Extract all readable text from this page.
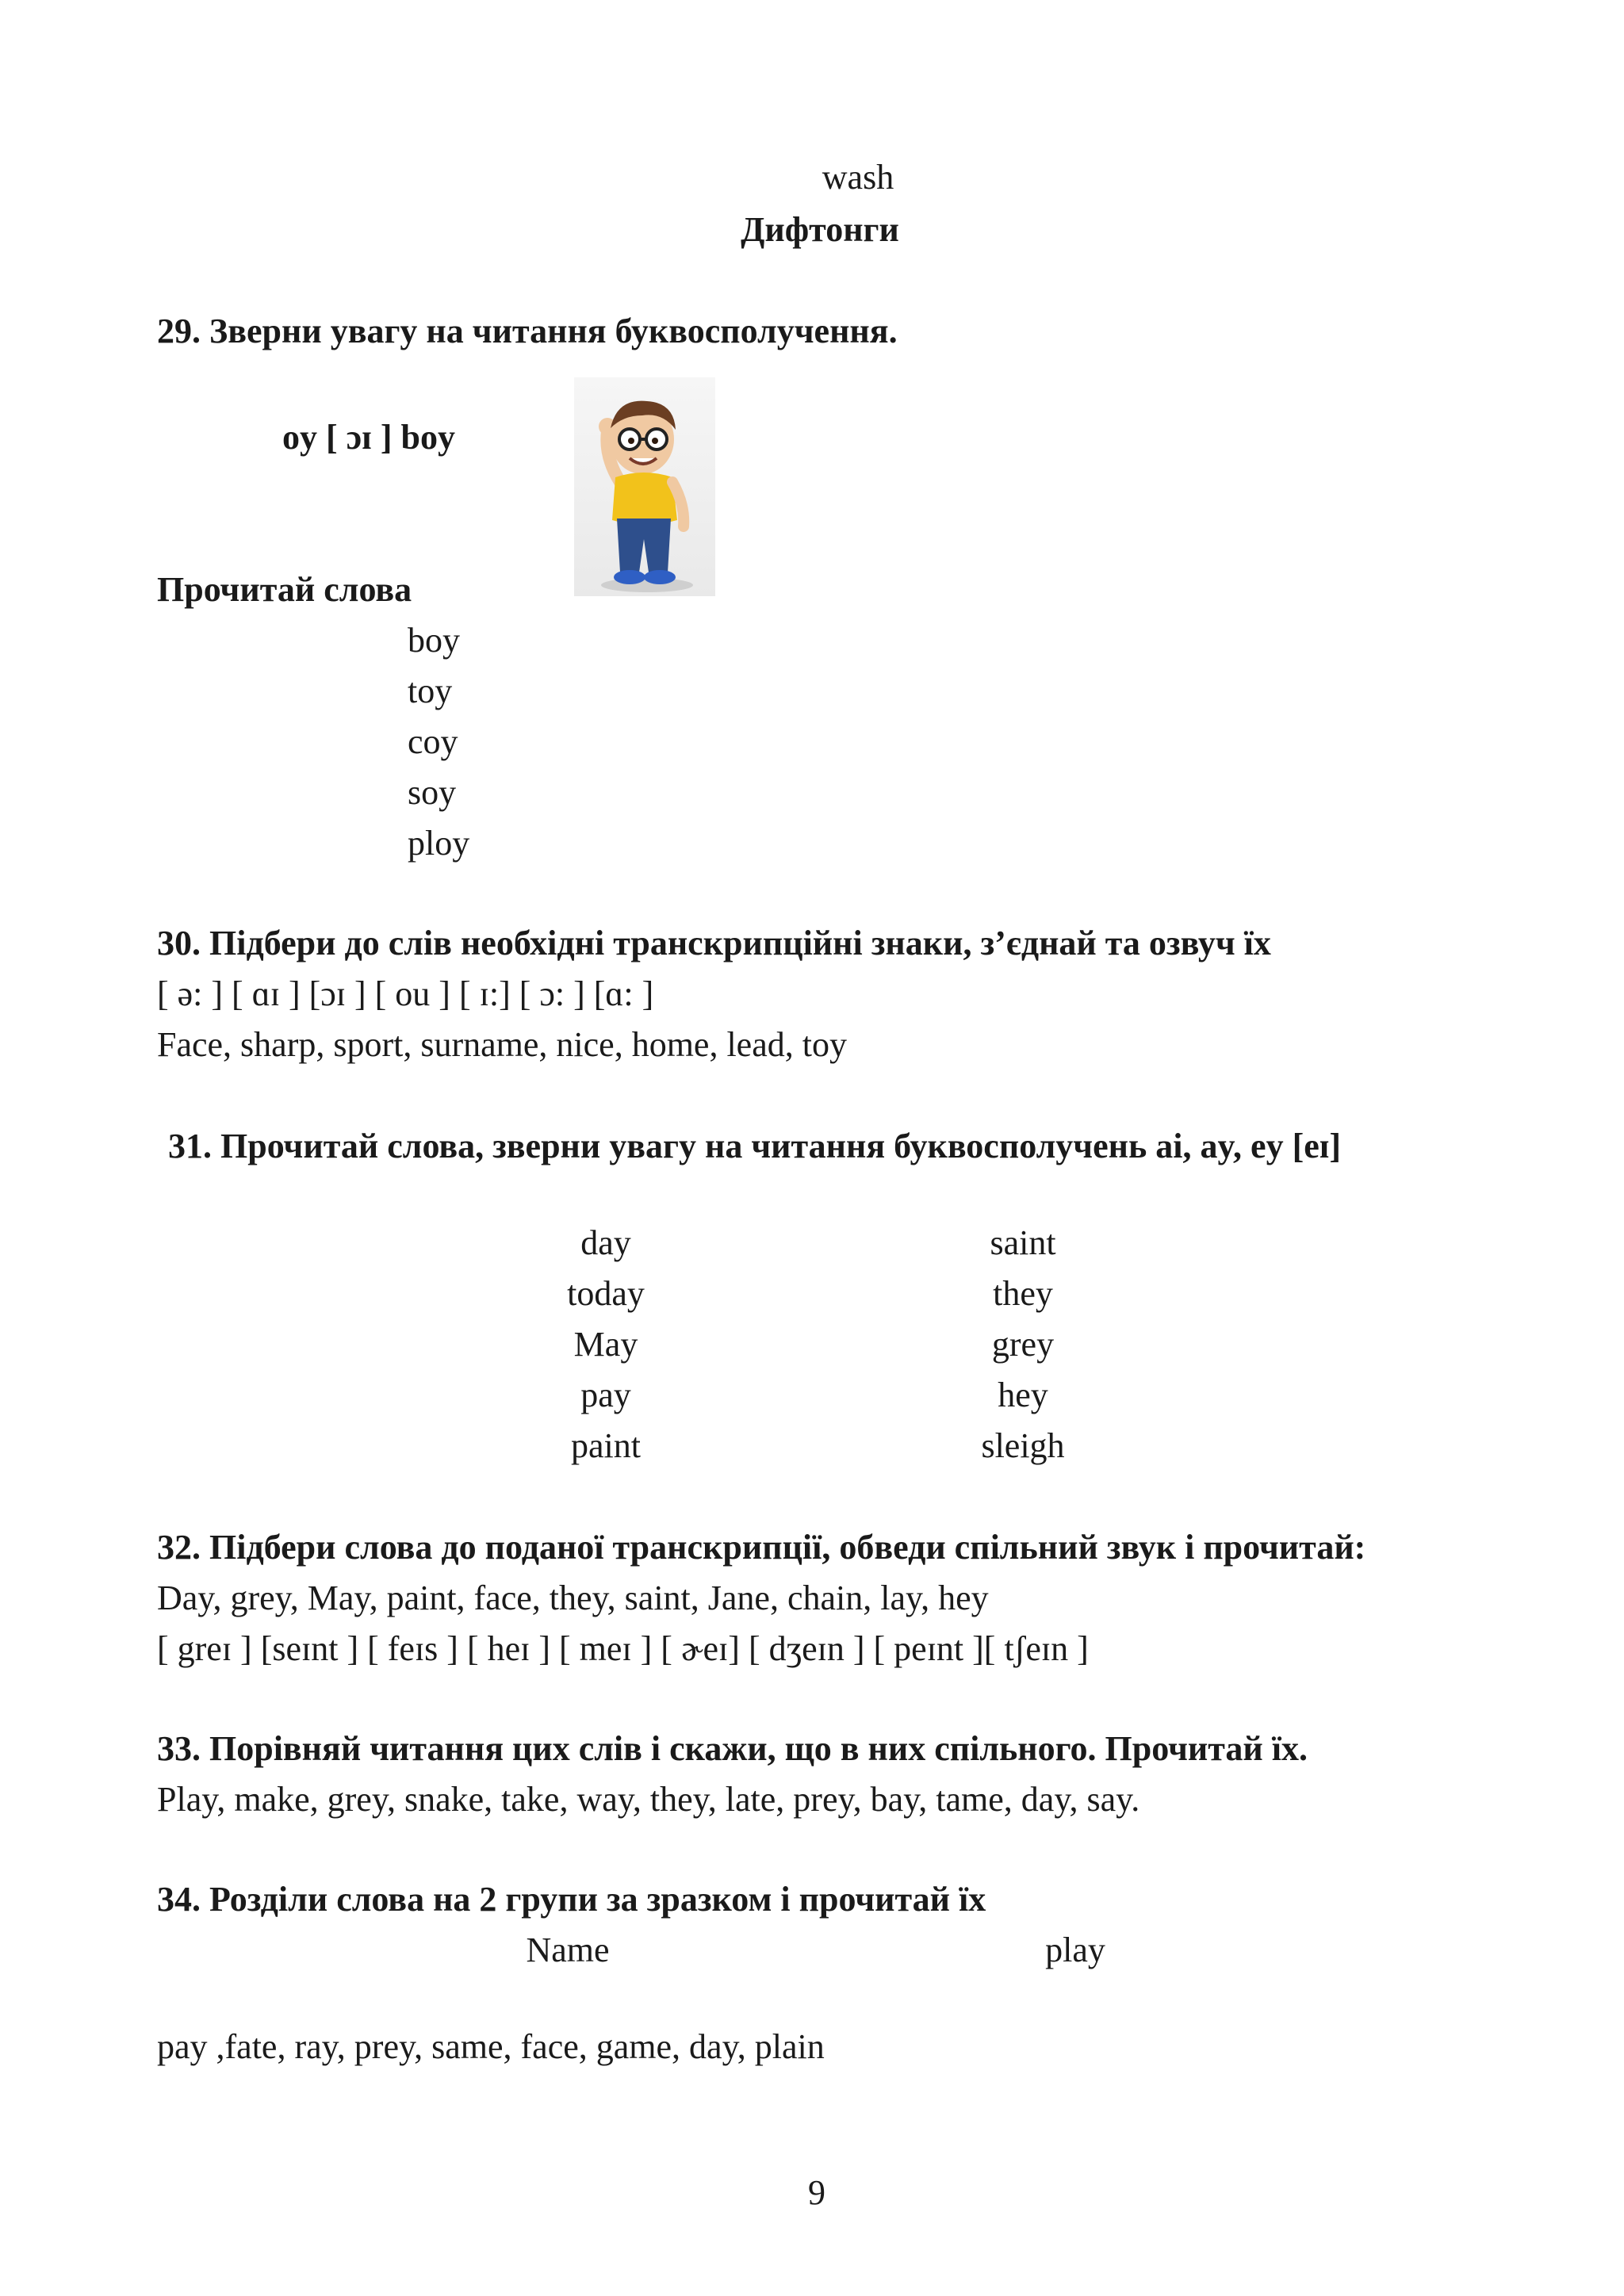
wash
Дифтонги
29. Зверни увагу на читання буквосполучення.
oy [ ɔɪ ] boy
Прочитай слова
boy
toy
coy
soy
ploy
30. Підбери до слів необхідні транскрипційні знаки, з’єднай та озвуч їх
[ ə: ] [ ɑɪ ] [ɔɪ ] [ ou ] [ ɪ:] [ ɔ: ] [ɑ: ]
Face, sharp, sport, surname, nice, home, lead, toy
31. Прочитай слова, зверни увагу на читання буквосполучень ai, ay, ey [eɪ]
day
today
May
pay
paint
saint
they
grey
hey
sleigh
32. Підбери слова до поданої транскрипції, обведи спільний звук і прочитай:
Day, grey, May, paint, face, they, saint, Jane, chain, lay, hey
[ greɪ ] [seɪnt ] [ feɪs ] [ heɪ ] [ meɪ ] [ ɚeɪ] [ dʒeɪn ] [ peɪnt ][ tʃeɪn ]
33. Порівняй читання цих слів і скажи, що в них спільного. Прочитай їх.
Play, make, grey, snake, take, way, they, late, prey, bay, tame, day, say.
34. Розділи слова на 2 групи за зразком і прочитай їх
Name	play
pay ,fate, ray, prey, same, face, game, day, plain
9
